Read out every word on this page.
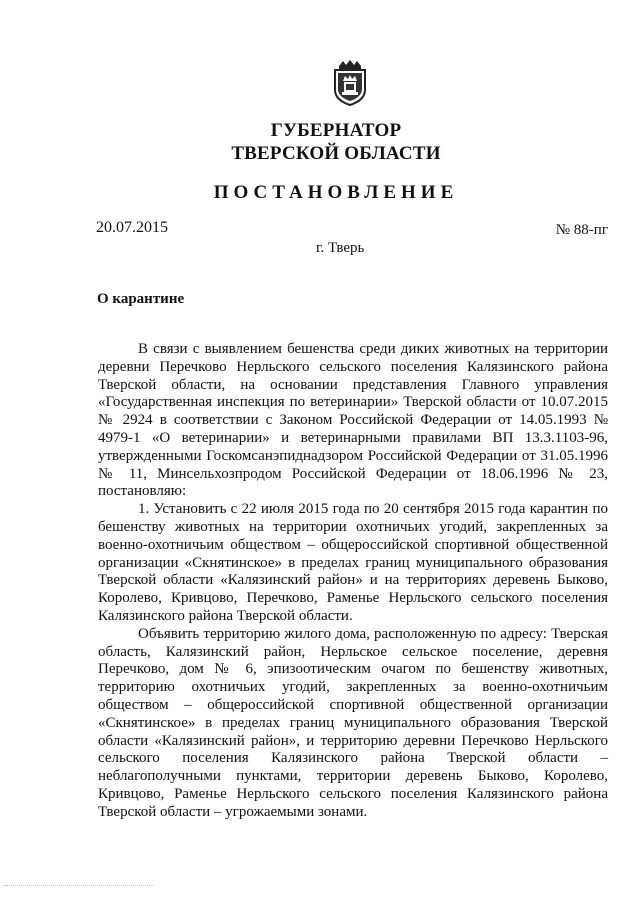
ГУБЕРНАТОР
ТВЕРСКОЙ ОБЛАСТИ
ПОСТАНОВЛЕНИЕ
20.07.2015	№ 88-пг
г. Тверь
О карантине

В связи с выявлением бешенства среди диких животных на территории деревни Перечково Нерльского сельского поселения Калязинского района Тверской области, на основании представления Главного управления «Государственная инспекция по ветеринарии» Тверской области от 10.07.2015 № 2924 в соответствии с Законом Российской Федерации от 14.05.1993 № 4979-1 «О ветеринарии» и ветеринарными правилами ВП 13.3.1103-96, утвержденными Госкомсанэпиднадзором Российской Федерации от 31.05.1996 № 11, Минсельхозпродом Российской Федерации от 18.06.1996 № 23, постановляю:

1. Установить с 22 июля 2015 года по 20 сентября 2015 года карантин по бешенству животных на территории охотничьих угодий, закрепленных за военно-охотничьим обществом – общероссийской спортивной общественной организации «Скнятинское» в пределах границ муниципального образования Тверской области «Калязинский район» и на территориях деревень Быково, Королево, Кривцово, Перечково, Раменье Нерльского сельского поселения Калязинского района Тверской области.

Объявить территорию жилого дома, расположенную по адресу: Тверская область, Калязинский район, Нерльское сельское поселение, деревня Перечково, дом № 6, эпизоотическим очагом по бешенству животных, территорию охотничьих угодий, закрепленных за военно-охотничьим обществом – общероссийской спортивной общественной организации «Скнятинское» в пределах границ муниципального образования Тверской области «Калязинский район», и территорию деревни Перечково Нерльского сельского поселения Калязинского района Тверской области – неблагополучными пунктами, территории деревень Быково, Королево, Кривцово, Раменье Нерльского сельского поселения Калязинского района Тверской области – угрожаемыми зонами.
